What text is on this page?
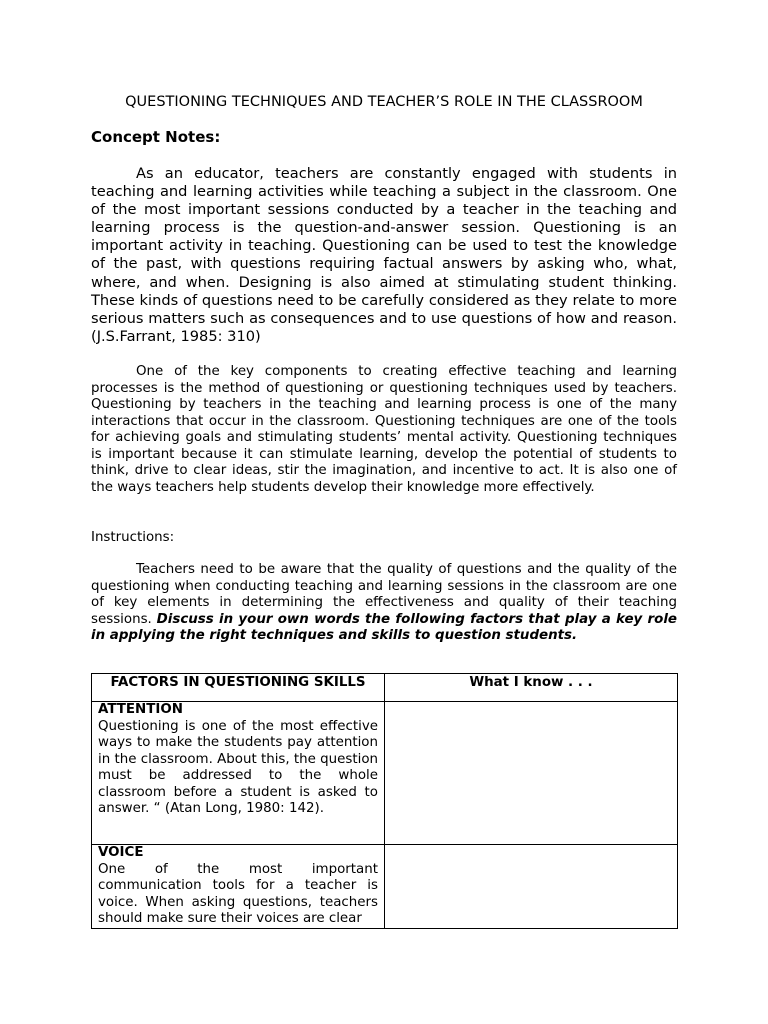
QUESTIONING TECHNIQUES AND TEACHER’S ROLE IN THE CLASSROOM
Concept Notes:

As an educator, teachers are constantly engaged with students in teaching and learning activities while teaching a subject in the classroom. One of the most important sessions conducted by a teacher in the teaching and learning process is the question-and-answer session. Questioning is an important activity in teaching. Questioning can be used to test the knowledge of the past, with questions requiring factual answers by asking who, what, where, and when. Designing is also aimed at stimulating student thinking. These kinds of questions need to be carefully considered as they relate to more serious matters such as consequences and to use questions of how and reason. (J.S.Farrant, 1985: 310)

One of the key components to creating effective teaching and learning processes is the method of questioning or questioning techniques used by teachers. Questioning by teachers in the teaching and learning process is one of the many interactions that occur in the classroom. Questioning techniques are one of the tools for achieving goals and stimulating students’ mental activity. Questioning techniques is important because it can stimulate learning, develop the potential of students to think, drive to clear ideas, stir the imagination, and incentive to act. It is also one of the ways teachers help students develop their knowledge more effectively.

Instructions:

Teachers need to be aware that the quality of questions and the quality of the questioning when conducting teaching and learning sessions in the classroom are one of key elements in determining the effectiveness and quality of their teaching sessions. Discuss in your own words the following factors that play a key role in applying the right techniques and skills to question students.

FACTORS IN QUESTIONING SKILLS	What I know . . .

ATTENTION
Questioning is one of the most effective ways to make the students pay attention in the classroom. About this, the question must be addressed to the whole classroom before a student is asked to answer. “ (Atan Long, 1980: 142).	

VOICE
One of the most important communication tools for a teacher is voice. When asking questions, teachers should make sure their voices are clear	
